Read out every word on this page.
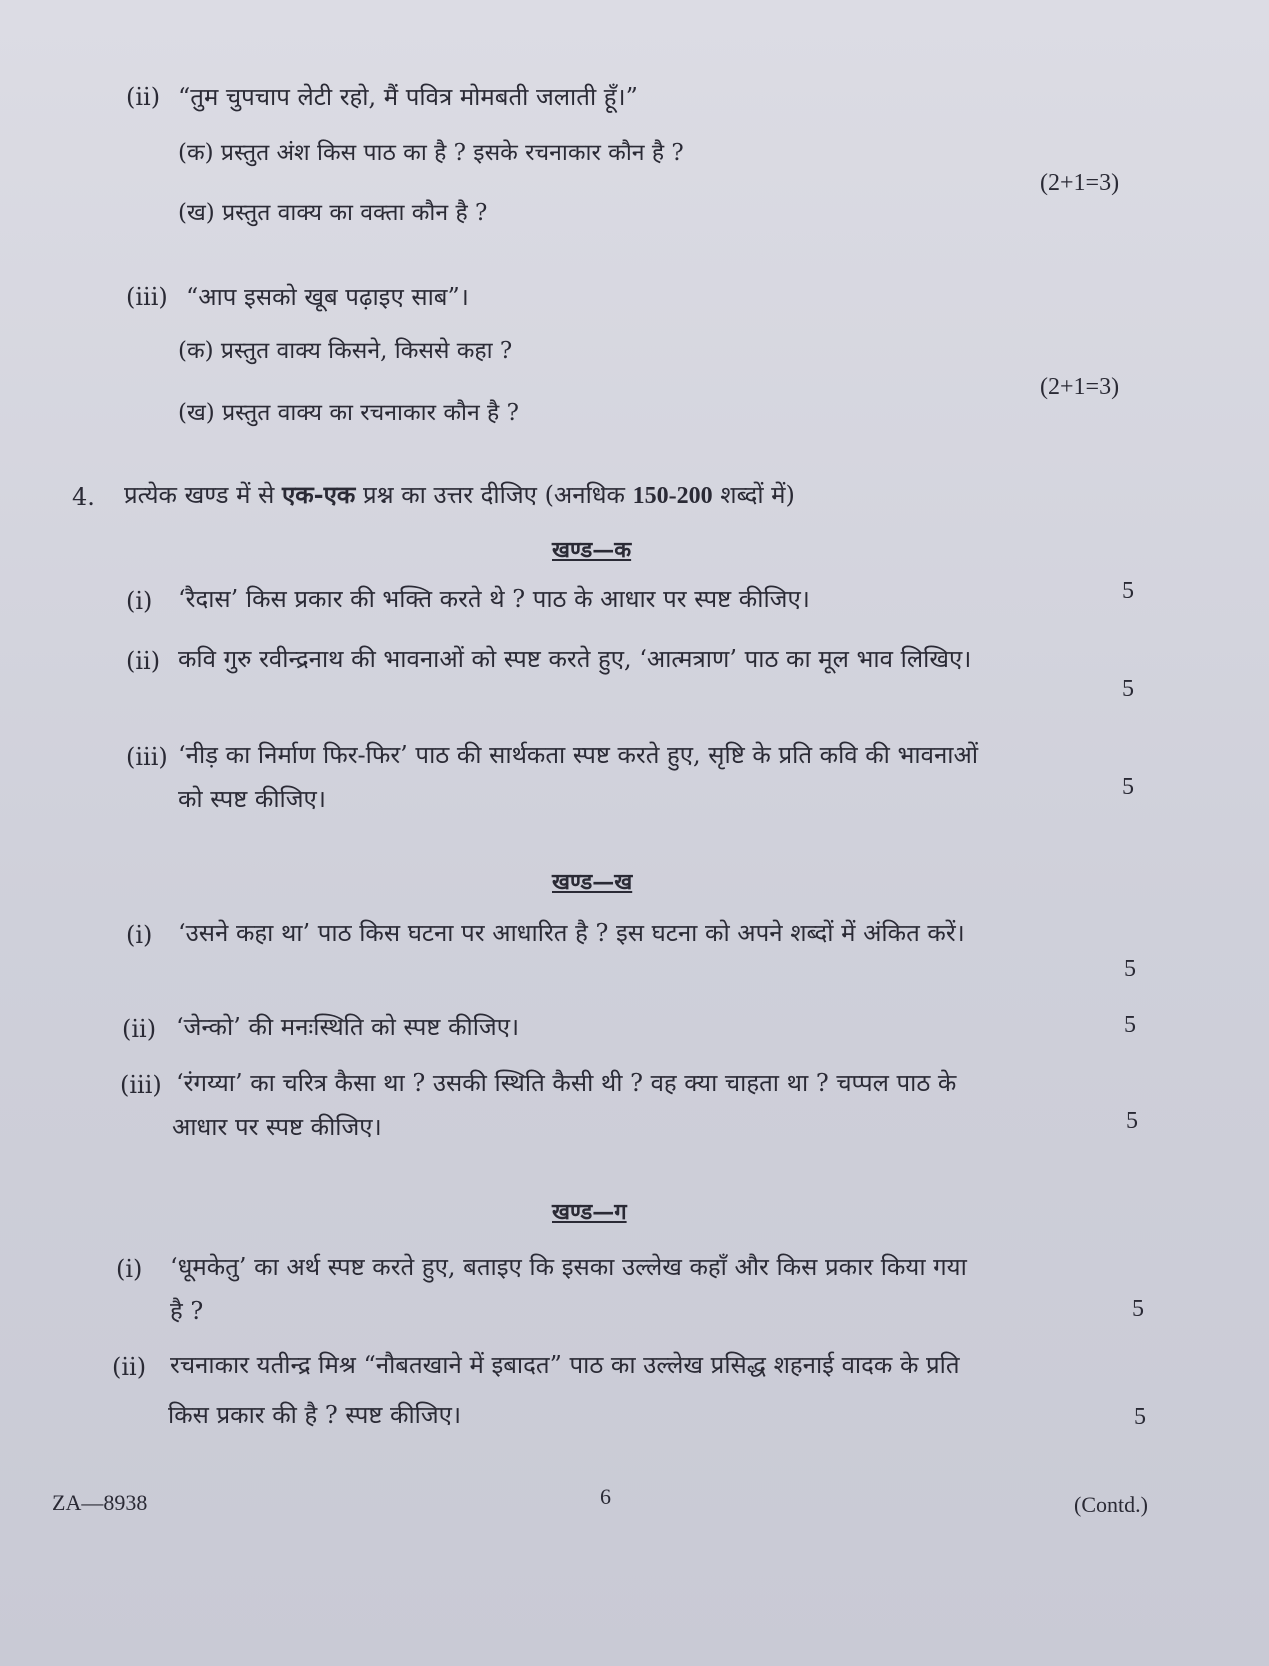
(ii) “तुम चुपचाप लेटी रहो, मैं पवित्र मोमबती जलाती हूँ।”
(क) प्रस्तुत अंश किस पाठ का है ? इसके रचनाकार कौन है ?
(2+1=3)
(ख) प्रस्तुत वाक्य का वक्ता कौन है ?
(iii) “आप इसको खूब पढ़ाइए साब”।
(क) प्रस्तुत वाक्य किसने, किससे कहा ?
(2+1=3)
(ख) प्रस्तुत वाक्य का रचनाकार कौन है ?
4. प्रत्येक खण्ड में से एक-एक प्रश्न का उत्तर दीजिए (अनधिक 150-200 शब्दों में)
खण्ड—क
(i) ‘रैदास’ किस प्रकार की भक्ति करते थे ? पाठ के आधार पर स्पष्ट कीजिए।	5
(ii) कवि गुरु रवीन्द्रनाथ की भावनाओं को स्पष्ट करते हुए, ‘आत्मत्राण’ पाठ का मूल भाव लिखिए।
5
(iii) ‘नीड़ का निर्माण फिर-फिर’ पाठ की सार्थकता स्पष्ट करते हुए, सृष्टि के प्रति कवि की भावनाओं
को स्पष्ट कीजिए।	5
खण्ड—ख
(i) ‘उसने कहा था’ पाठ किस घटना पर आधारित है ? इस घटना को अपने शब्दों में अंकित करें।
5
(ii) ‘जेन्को’ की मनःस्थिति को स्पष्ट कीजिए।	5
(iii) ‘रंगय्या’ का चरित्र कैसा था ? उसकी स्थिति कैसी थी ? वह क्या चाहता था ? चप्पल पाठ के
आधार पर स्पष्ट कीजिए।	5
खण्ड—ग
(i) ‘धूमकेतु’ का अर्थ स्पष्ट करते हुए, बताइए कि इसका उल्लेख कहाँ और किस प्रकार किया गया
है ?	5
(ii) रचनाकार यतीन्द्र मिश्र “नौबतखाने में इबादत” पाठ का उल्लेख प्रसिद्ध शहनाई वादक के प्रति
किस प्रकार की है ? स्पष्ट कीजिए।	5
ZA—8938	6	(Contd.)
